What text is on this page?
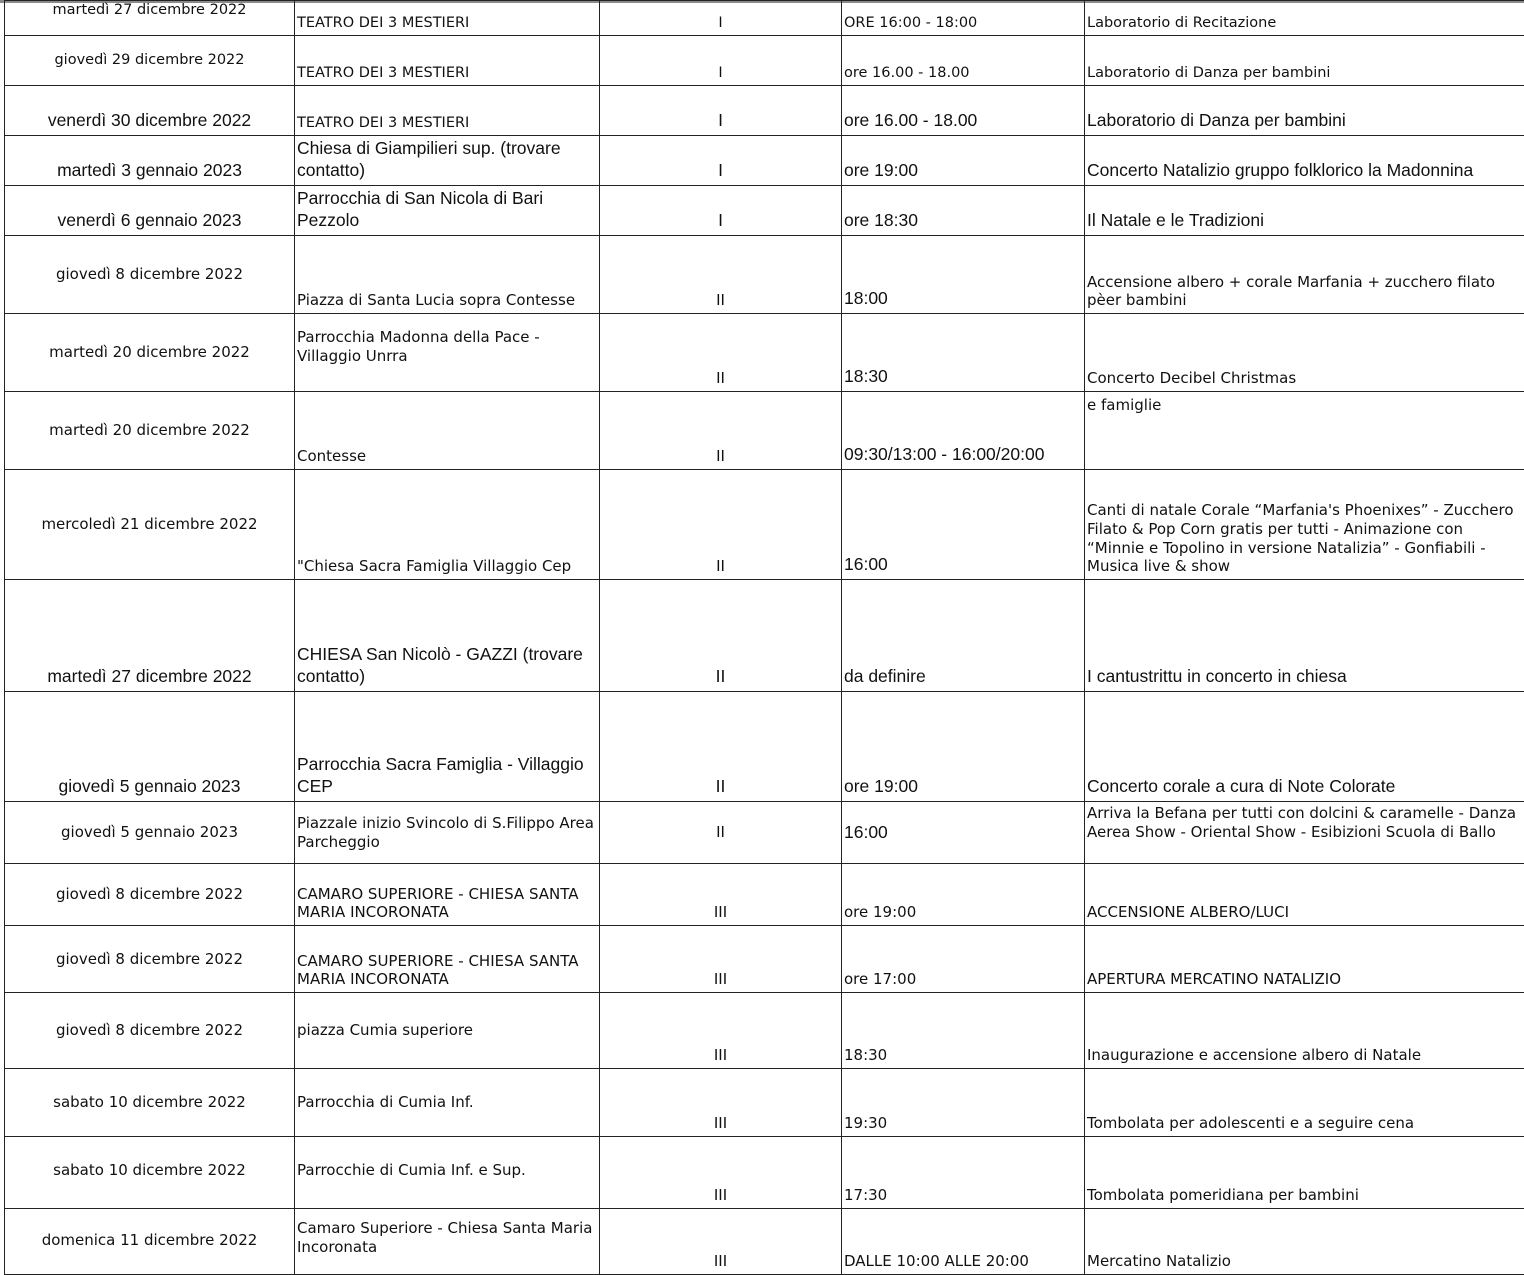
martedì 27 dicembre 2022	TEATRO DEI 3 MESTIERI	I	ORE 16:00 - 18:00	Laboratorio di Recitazione
giovedì 29 dicembre 2022	TEATRO DEI 3 MESTIERI	I	ore 16.00 - 18.00	Laboratorio di Danza per bambini
venerdì 30 dicembre 2022	TEATRO DEI 3 MESTIERI	I	ore 16.00 - 18.00	Laboratorio di Danza per bambini
martedì 3 gennaio 2023	Chiesa di Giampilieri sup. (trovare contatto)	I	ore 19:00	Concerto Natalizio gruppo folklorico la Madonnina
venerdì 6 gennaio 2023	Parrocchia di San Nicola di Bari Pezzolo	I	ore 18:30	Il Natale e le Tradizioni
giovedì 8 dicembre 2022	Piazza di Santa Lucia sopra Contesse	II	18:00	Accensione albero + corale Marfania + zucchero filato pèer bambini
martedì 20 dicembre 2022	Parrocchia Madonna della Pace - Villaggio Unrra	II	18:30	Concerto Decibel Christmas
martedì 20 dicembre 2022	Contesse	II	09:30/13:00 - 16:00/20:00	e famiglie
mercoledì 21 dicembre 2022	"Chiesa Sacra Famiglia Villaggio Cep	II	16:00	Canti di natale Corale “Marfania's Phoenixes” - Zucchero Filato & Pop Corn gratis per tutti - Animazione con “Minnie e Topolino in versione Natalizia” - Gonfiabili - Musica live & show
martedì 27 dicembre 2022	CHIESA San Nicolò - GAZZI (trovare contatto)	II	da definire	I cantustrittu in concerto in chiesa
giovedì 5 gennaio 2023	Parrocchia Sacra Famiglia - Villaggio CEP	II	ore 19:00	Concerto corale a cura di Note Colorate
giovedì 5 gennaio 2023	Piazzale inizio Svincolo di S.Filippo Area Parcheggio	II	16:00	Arriva la Befana per tutti con dolcini & caramelle - Danza Aerea Show - Oriental Show - Esibizioni Scuola di Ballo
giovedì 8 dicembre 2022	CAMARO SUPERIORE - CHIESA SANTA MARIA INCORONATA	III	ore 19:00	ACCENSIONE ALBERO/LUCI
giovedì 8 dicembre 2022	CAMARO SUPERIORE - CHIESA SANTA MARIA INCORONATA	III	ore 17:00	APERTURA MERCATINO NATALIZIO
giovedì 8 dicembre 2022	piazza Cumia superiore	III	18:30	Inaugurazione e accensione albero di Natale
sabato 10 dicembre 2022	Parrocchia di Cumia Inf.	III	19:30	Tombolata per adolescenti e a seguire cena
sabato 10 dicembre 2022	Parrocchie di Cumia Inf. e Sup.	III	17:30	Tombolata pomeridiana per bambini
domenica 11 dicembre 2022	Camaro Superiore - Chiesa Santa Maria Incoronata	III	DALLE 10:00 ALLE 20:00	Mercatino Natalizio
